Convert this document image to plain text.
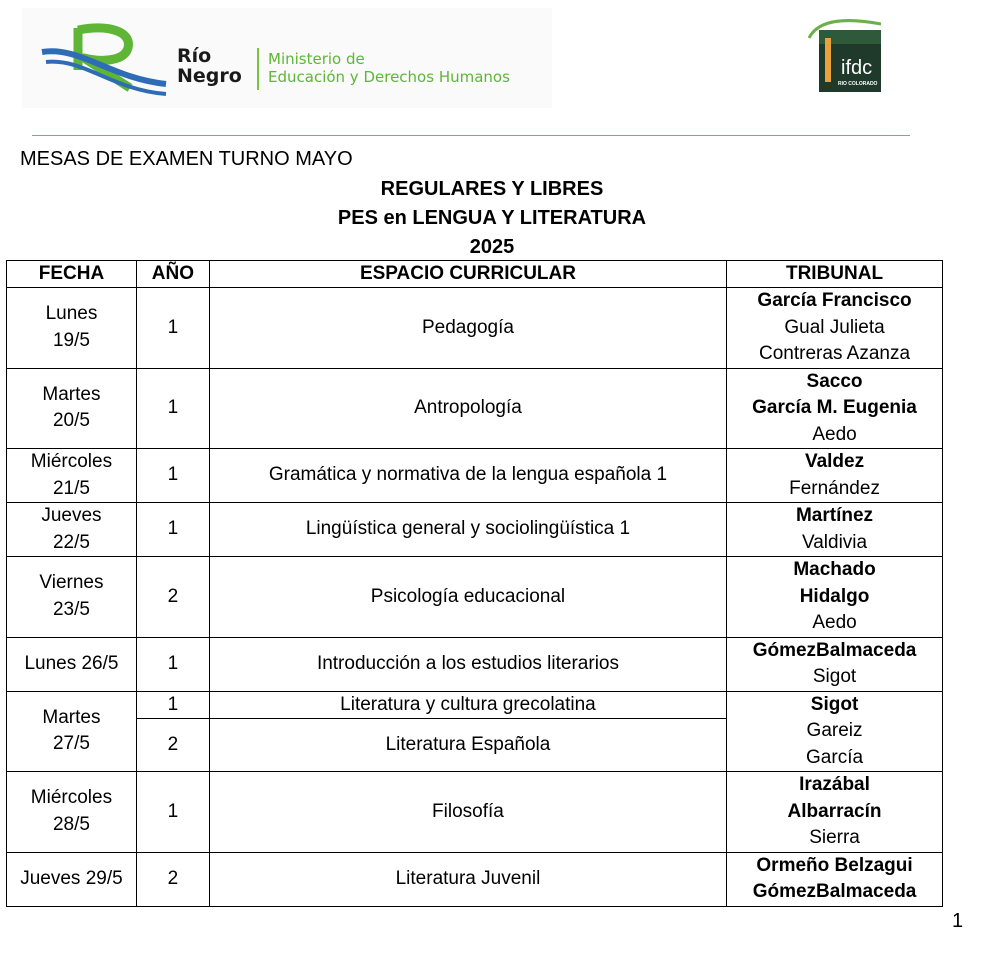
Río
Negro
Ministerio de
Educación y Derechos Humanos	ifdc
RIO COLORADO
MESAS DE EXAMEN TURNO MAYO
REGULARES Y LIBRES
PES en LENGUA Y LITERATURA
2025
FECHA	AÑO	ESPACIO CURRICULAR	TRIBUNAL

Lunes
19/5	1	Pedagogía	García Francisco
Gual Julieta
Contreras Azanza

Martes
20/5	1	Antropología	Sacco
García M. Eugenia
Aedo

Miércoles
21/5	1	Gramática y normativa de la lengua española 1	Valdez
Fernández

Jueves
22/5	1	Lingüística general y sociolingüística 1	Martínez
Valdivia

Viernes
23/5	2	Psicología educacional	Machado
Hidalgo
Aedo

Lunes 26/5	1	Introducción a los estudios literarios	GómezBalmaceda
Sigot

Martes
27/5	1	Literatura y cultura grecolatina	Sigot
Gareiz
García

	2	Literatura Española	

Miércoles
28/5	1	Filosofía	Irazábal
Albarracín
Sierra

Jueves 29/5	2	Literatura Juvenil	Ormeño Belzagui
GómezBalmaceda
1
